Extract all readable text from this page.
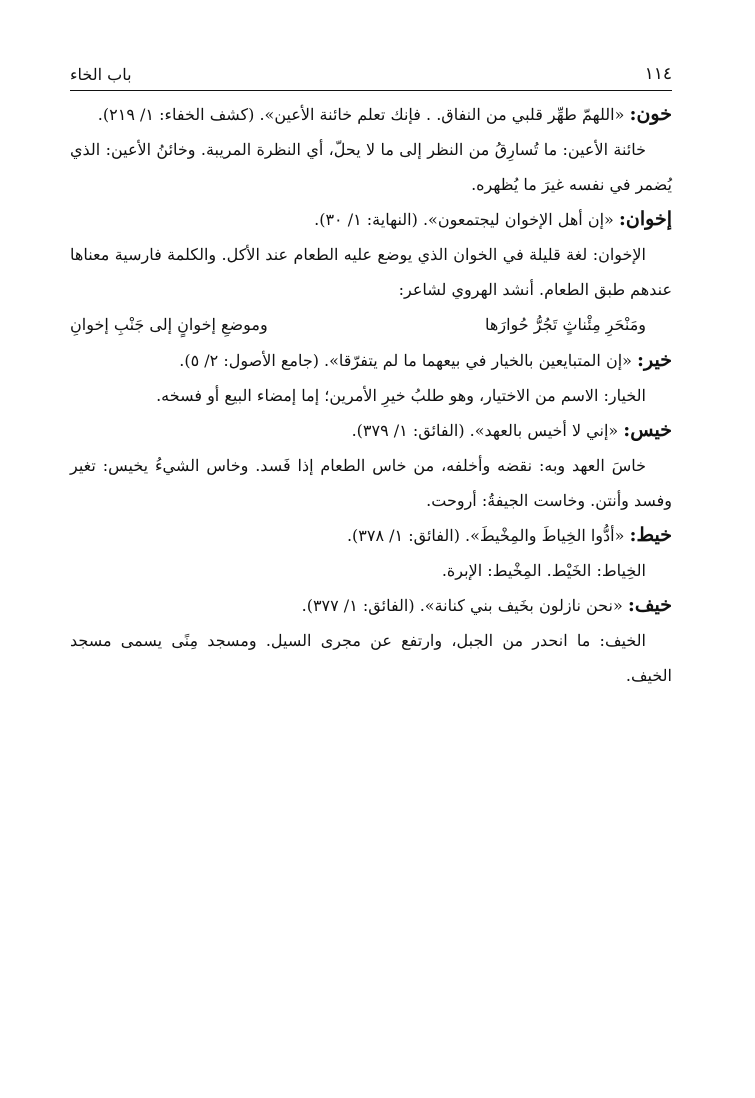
١١٤
باب الخاء

خون: «اللهمّ طهِّر قلبي من النفاق. . فإنك تعلم خائنة الأعين». (كشف الخفاء: ١/ ٢١٩).

خائنة الأعين: ما تُسارِقُ من النظر إلى ما لا يحلّ، أي النظرة المريبة. وخائنُ الأعين: الذي يُضمر في نفسه غيرَ ما يُظهره.

إخوان: «إن أهل الإخوان ليجتمعون». (النهاية: ١/ ٣٠).

الإخوان: لغة قليلة في الخوان الذي يوضع عليه الطعام عند الأكل. والكلمة فارسية معناها عندهم طبق الطعام. أنشد الهروي لشاعر:

ومَنْحَرِ مِئْناثٍ تَجُرُّ حُوارَها
وموضعِ إخوانٍ إلى جَنْبِ إخوانِ

خير: «إن المتبايعين بالخيار في بيعهما ما لم يتفرّقا». (جامع الأصول: ٢/ ٥).

الخيار: الاسم من الاختيار، وهو طلبُ خيرِ الأمرين؛ إما إمضاء البيع أو فسخه.

خيس: «إني لا أخيس بالعهد». (الفائق: ١/ ٣٧٩).

خاسَ العهد وبه: نقضه وأخلفه، من خاس الطعام إذا فَسد. وخاس الشيءُ يخيس: تغير وفسد وأنتن. وخاست الجيفةُ: أروحت.

خيط: «أدُّوا الخِياطَ والمِخْيطَ». (الفائق: ١/ ٣٧٨).

الخِياط: الخَيْط. المِخْيط: الإبرة.

خيف: «نحن نازلون بخَيف بني كنانة». (الفائق: ١/ ٣٧٧).

الخيف: ما انحدر من الجبل، وارتفع عن مجرى السيل. ومسجد مِنًى يسمى مسجد الخيف.
